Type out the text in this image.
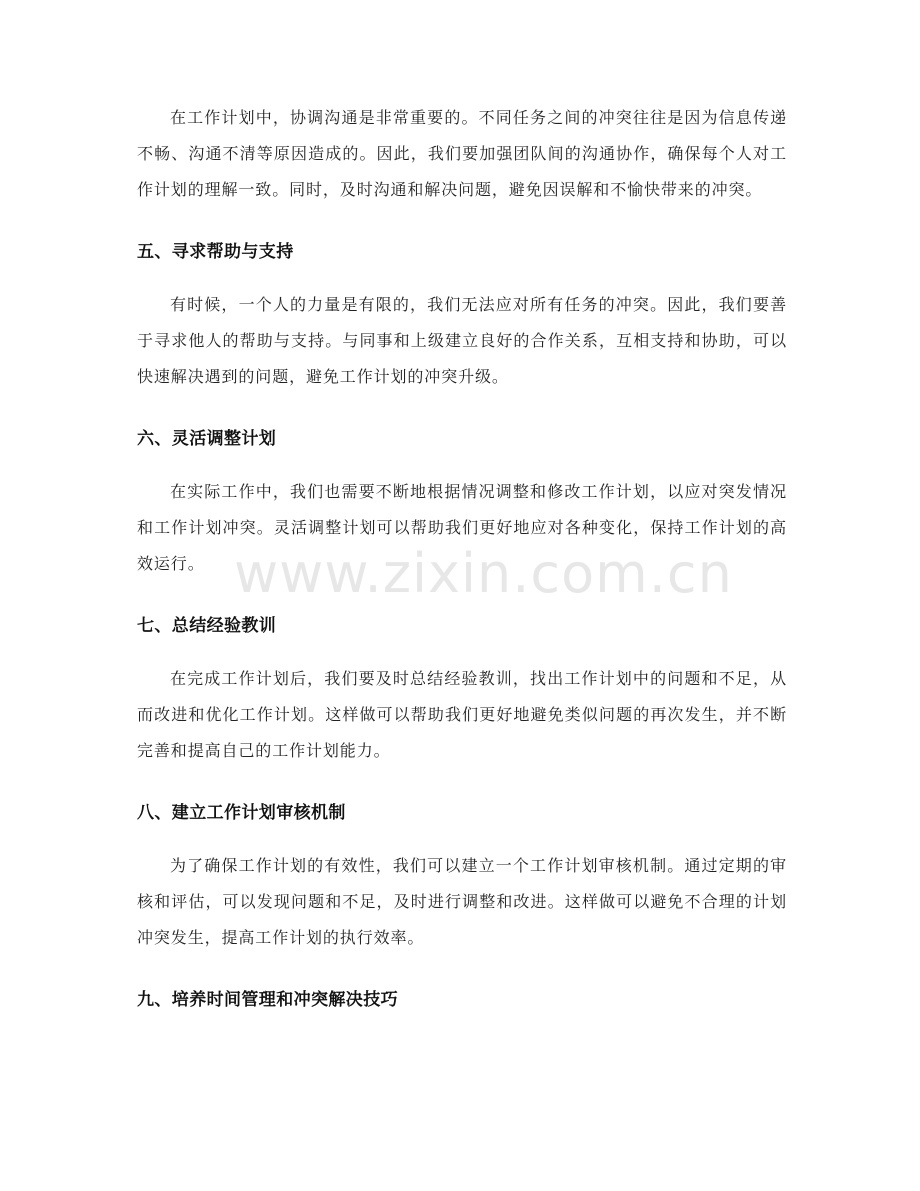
在工作计划中，协调沟通是非常重要的。不同任务之间的冲突往往是因为信息传递不畅、沟通不清等原因造成的。因此，我们要加强团队间的沟通协作，确保每个人对工作计划的理解一致。同时，及时沟通和解决问题，避免因误解和不愉快带来的冲突。

五、寻求帮助与支持

有时候，一个人的力量是有限的，我们无法应对所有任务的冲突。因此，我们要善于寻求他人的帮助与支持。与同事和上级建立良好的合作关系，互相支持和协助，可以快速解决遇到的问题，避免工作计划的冲突升级。

六、灵活调整计划

在实际工作中，我们也需要不断地根据情况调整和修改工作计划，以应对突发情况和工作计划冲突。灵活调整计划可以帮助我们更好地应对各种变化，保持工作计划的高效运行。

七、总结经验教训

在完成工作计划后，我们要及时总结经验教训，找出工作计划中的问题和不足，从而改进和优化工作计划。这样做可以帮助我们更好地避免类似问题的再次发生，并不断完善和提高自己的工作计划能力。

八、建立工作计划审核机制

为了确保工作计划的有效性，我们可以建立一个工作计划审核机制。通过定期的审核和评估，可以发现问题和不足，及时进行调整和改进。这样做可以避免不合理的计划冲突发生，提高工作计划的执行效率。

九、培养时间管理和冲突解决技巧
www.zixin.com.cn
